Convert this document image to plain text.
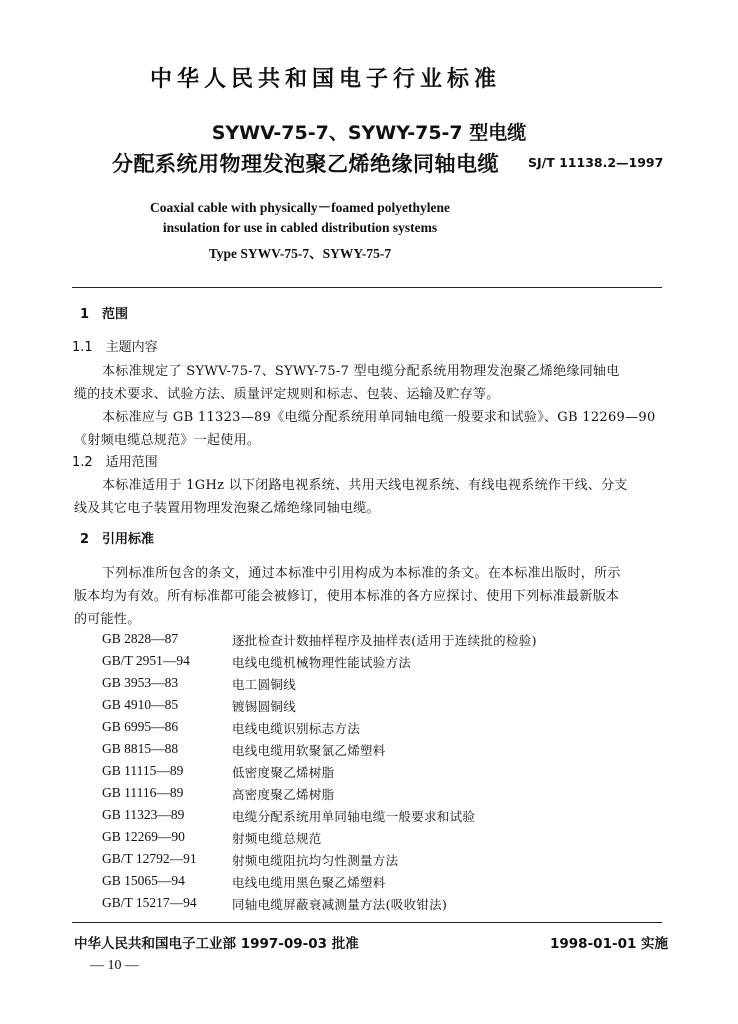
中华人民共和国电子行业标准
SYWV-75-7、SYWY-75-7 型电缆
分配系统用物理发泡聚乙烯绝缘同轴电缆 SJ/T 11138.2—1997
Coaxial cable with physically－foamed polyethylene
insulation for use in cabled distribution systems
Type SYWV-75-7、SYWY-75-7
1　范围
1.1　主题内容
本标准规定了 SYWV-75-7、SYWY-75-7 型电缆分配系统用物理发泡聚乙烯绝缘同轴电
缆的技术要求、试验方法、质量评定规则和标志、包装、运输及贮存等。
本标准应与 GB 11323—89《电缆分配系统用单同轴电缆一般要求和试验》、GB 12269—90
《射频电缆总规范》一起使用。
1.2　适用范围
本标准适用于 1GHz 以下闭路电视系统、共用天线电视系统、有线电视系统作干线、分支
线及其它电子装置用物理发泡聚乙烯绝缘同轴电缆。
2　引用标准
下列标准所包含的条文，通过本标准中引用构成为本标准的条文。在本标准出版时，所示
版本均为有效。所有标准都可能会被修订，使用本标准的各方应探讨、使用下列标准最新版本
的可能性。
GB 2828—87	逐批检查计数抽样程序及抽样表(适用于连续批的检验)
GB/T 2951—94	电线电缆机械物理性能试验方法
GB 3953—83	电工圆铜线
GB 4910—85	镀锡圆铜线
GB 6995—86	电线电缆识别标志方法
GB 8815—88	电线电缆用软聚氯乙烯塑料
GB 11115—89	低密度聚乙烯树脂
GB 11116—89	高密度聚乙烯树脂
GB 11323—89	电缆分配系统用单同轴电缆一般要求和试验
GB 12269—90	射频电缆总规范
GB/T 12792—91	射频电缆阻抗均匀性测量方法
GB 15065—94	电线电缆用黑色聚乙烯塑料
GB/T 15217—94	同轴电缆屏蔽衰减测量方法(吸收钳法)
中华人民共和国电子工业部 1997-09-03 批准	1998-01-01 实施
— 10 —
